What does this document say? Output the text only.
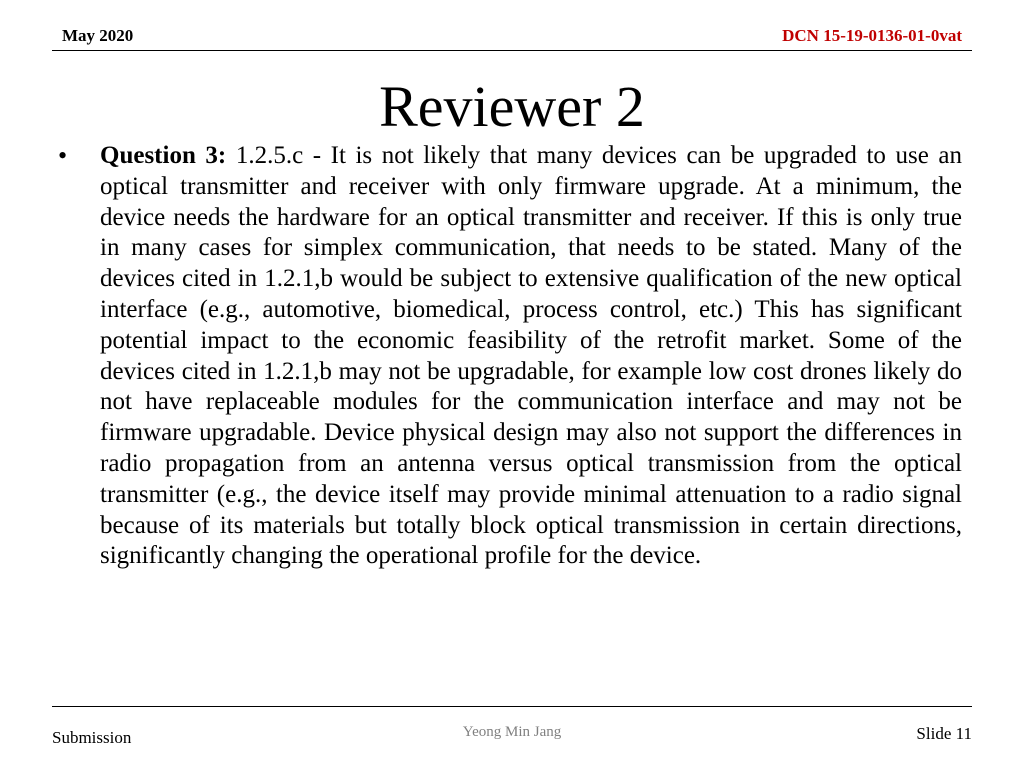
May 2020	DCN 15-19-0136-01-0vat
Reviewer 2
• Question 3: 1.2.5.c - It is not likely that many devices can be upgraded to use an optical transmitter and receiver with only firmware upgrade. At a minimum, the device needs the hardware for an optical transmitter and receiver. If this is only true in many cases for simplex communication, that needs to be stated. Many of the devices cited in 1.2.1,b would be subject to extensive qualification of the new optical interface (e.g., automotive, biomedical, process control, etc.) This has significant potential impact to the economic feasibility of the retrofit market. Some of the devices cited in 1.2.1,b may not be upgradable, for example low cost drones likely do not have replaceable modules for the communication interface and may not be firmware upgradable. Device physical design may also not support the differences in radio propagation from an antenna versus optical transmission from the optical transmitter (e.g., the device itself may provide minimal attenuation to a radio signal because of its materials but totally block optical transmission in certain directions, significantly changing the operational profile for the device.
Submission	Yeong Min Jang	Slide 11
